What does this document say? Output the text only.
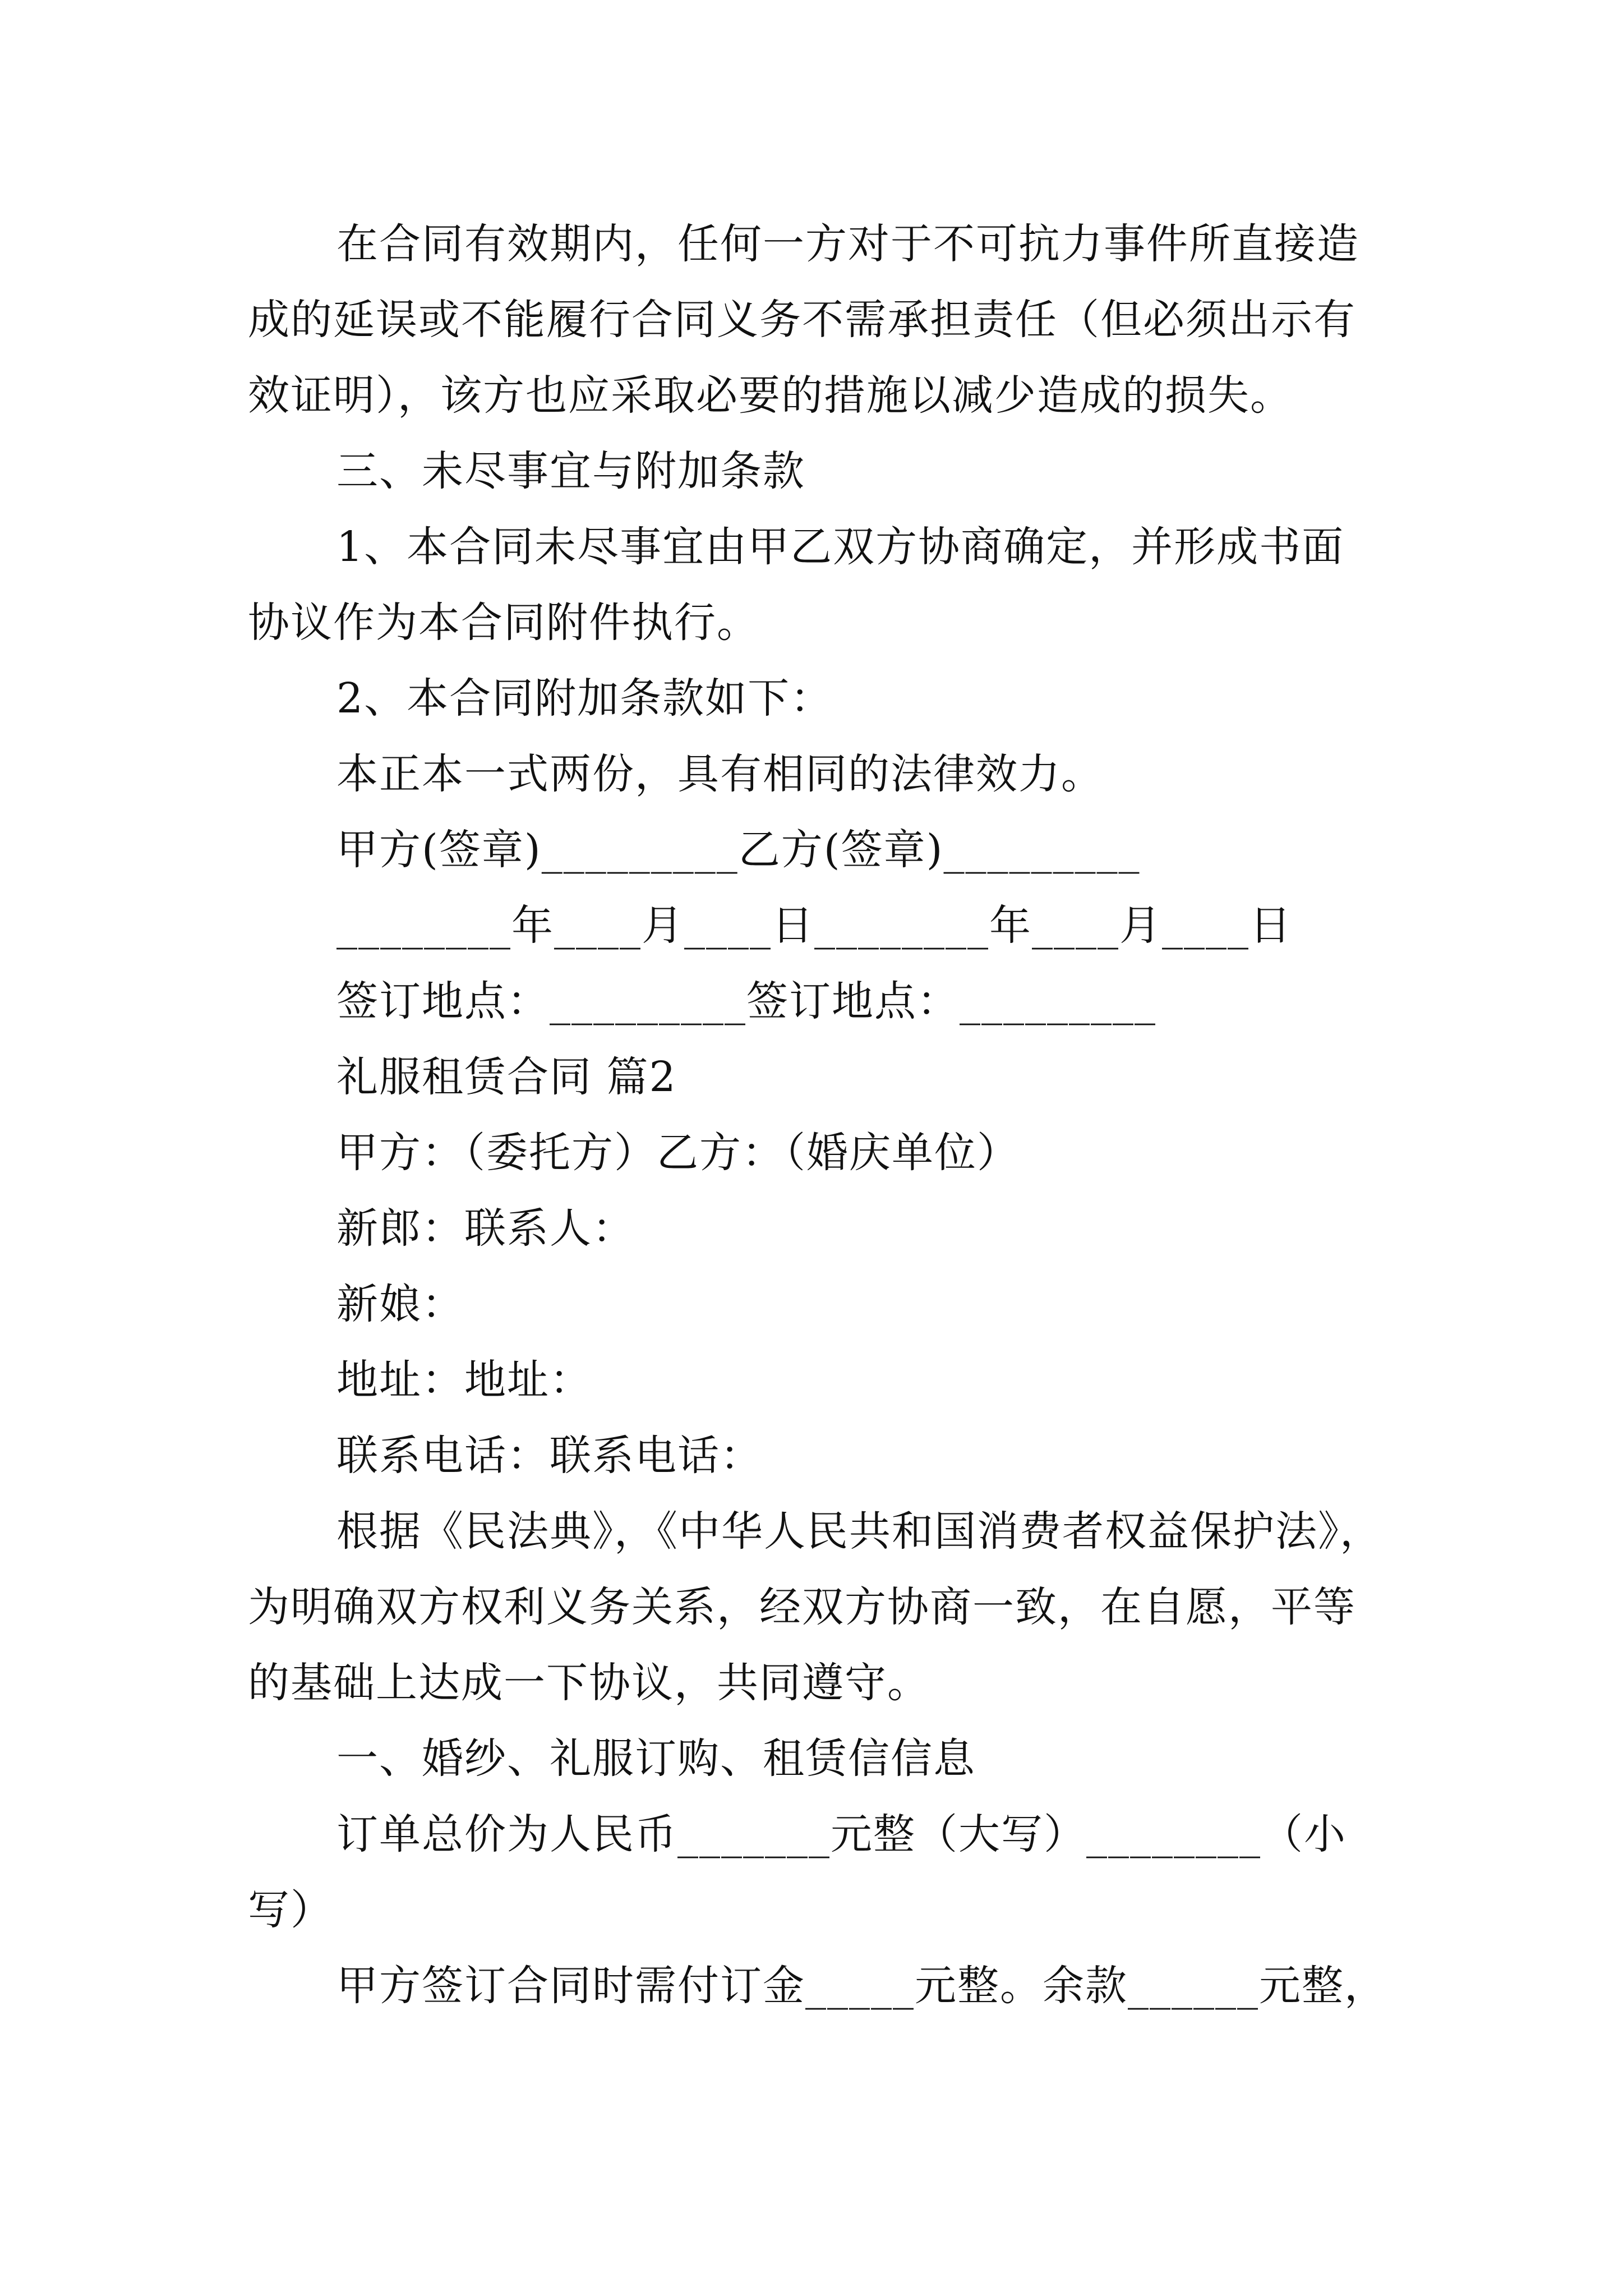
在合同有效期内，任何一方对于不可抗力事件所直接造
成的延误或不能履行合同义务不需承担责任（但必须出示有
效证明），该方也应采取必要的措施以减少造成的损失。
三、未尽事宜与附加条款
1、本合同未尽事宜由甲乙双方协商确定，并形成书面
协议作为本合同附件执行。
2、本合同附加条款如下：
本正本一式两份，具有相同的法律效力。
甲方(签章)_________乙方(签章)_________
________年____月____日________年____月____日
签订地点：_________签订地点：_________
礼服租赁合同 篇2
甲方：（委托方）乙方：（婚庆单位）
新郎：联系人：
新娘：
地址：地址：
联系电话：联系电话：
根据《民法典》，《中华人民共和国消费者权益保护法》，
为明确双方权利义务关系，经双方协商一致，在自愿，平等
的基础上达成一下协议，共同遵守。
一、婚纱、礼服订购、租赁信信息
订单总价为人民币_______元整（大写）________（小
写）
甲方签订合同时需付订金_____元整。余款______元整，
